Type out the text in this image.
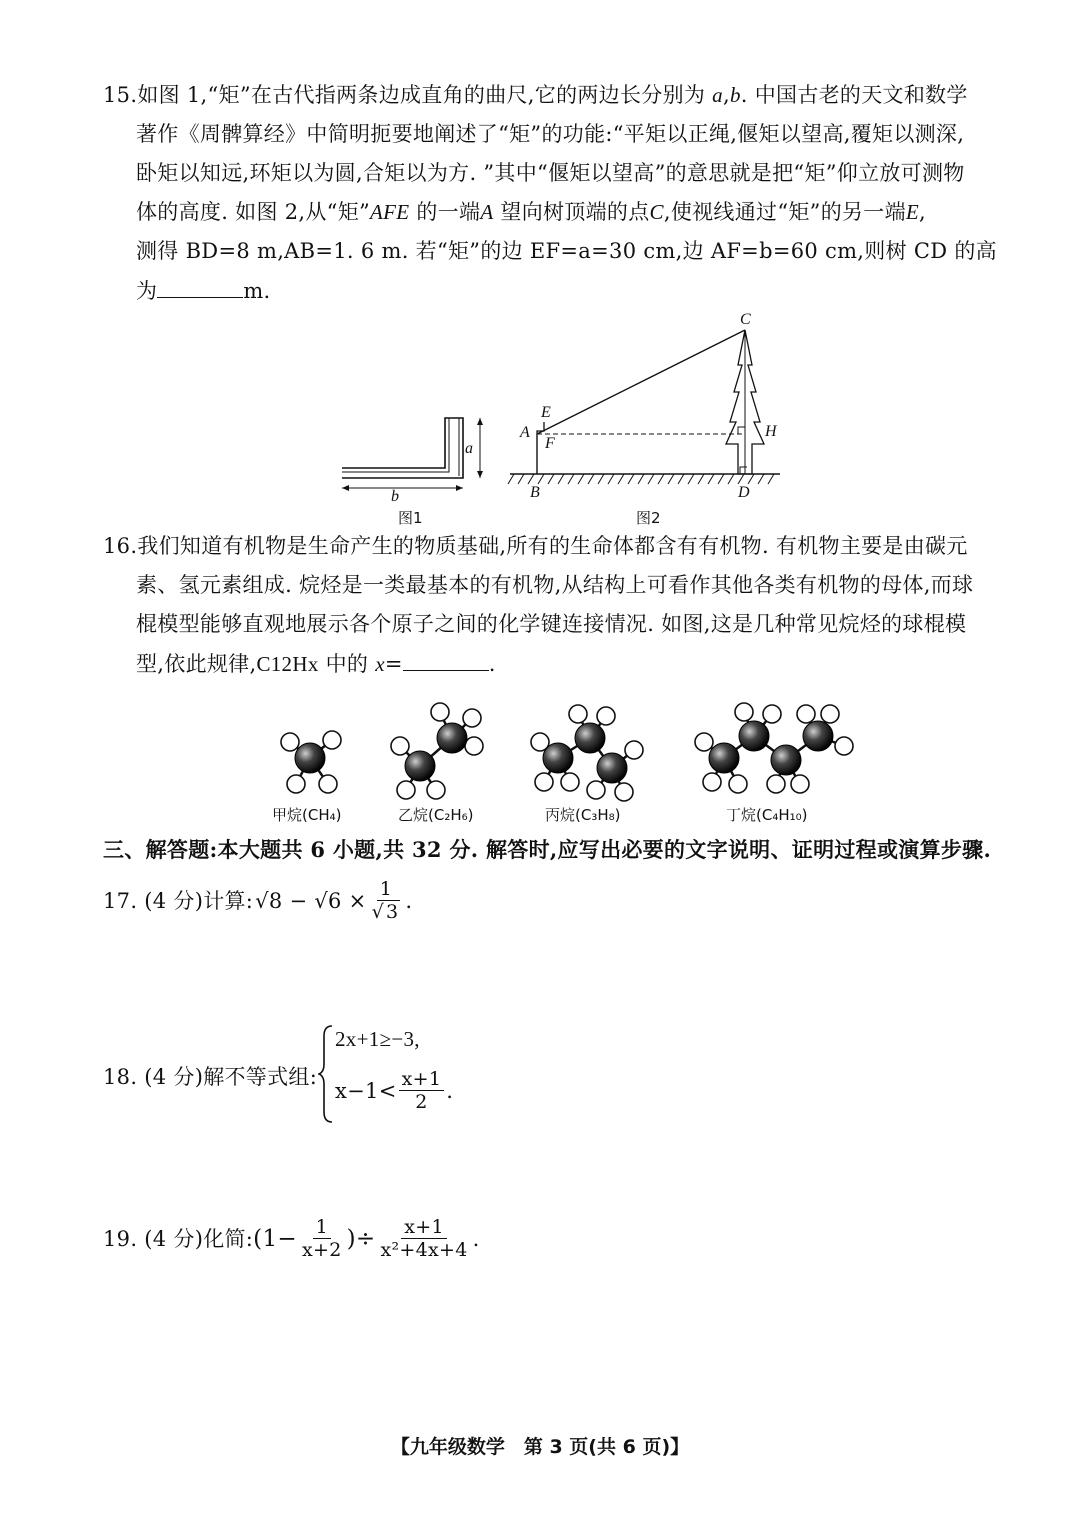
15.如图 1,“矩”在古代指两条边成直角的曲尺,它的两边长分别为 a,b. 中国古老的天文和数学
著作《周髀算经》中简明扼要地阐述了“矩”的功能:“平矩以正绳,偃矩以望高,覆矩以测深,
卧矩以知远,环矩以为圆,合矩以为方. ”其中“偃矩以望高”的意思就是把“矩”仰立放可测物
体的高度. 如图 2,从“矩”AFE 的一端A 望向树顶端的点C,使视线通过“矩”的另一端E,
测得 BD=8 m,AB=1. 6 m. 若“矩”的边 EF=a=30 cm,边 AF=b=60 cm,则树 CD 的高
为	m.
a
b
图1
C
E
A
F
H
B	D
图2
16.我们知道有机物是生命产生的物质基础,所有的生命体都含有有机物. 有机物主要是由碳元
素、氢元素组成. 烷烃是一类最基本的有机物,从结构上可看作其他各类有机物的母体,而球
棍模型能够直观地展示各个原子之间的化学键连接情况. 如图,这是几种常见烷烃的球棍模
型,依此规律,C12Hx 中的 x=	.
甲烷(CH₄)	乙烷(C₂H₆)	丙烷(C₃H₈)	丁烷(C₄H₁₀)
三、解答题:本大题共 6 小题,共 32 分. 解答时,应写出必要的文字说明、证明过程或演算步骤.
17. (4 分)计算: $√8 - √6 \times \frac{1}{√ 3}$ .
18. (4 分)解不等式组:
2x+1≥−3,
$x-1< \frac{x+1}{2}$ .
19. (4 分)化简: ($1- \frac{1}{x+2}$ )÷ $\frac{x+1}{\text{x²+4x+4}}$ .
【九年级数学　第 3 页(共 6 页)】
